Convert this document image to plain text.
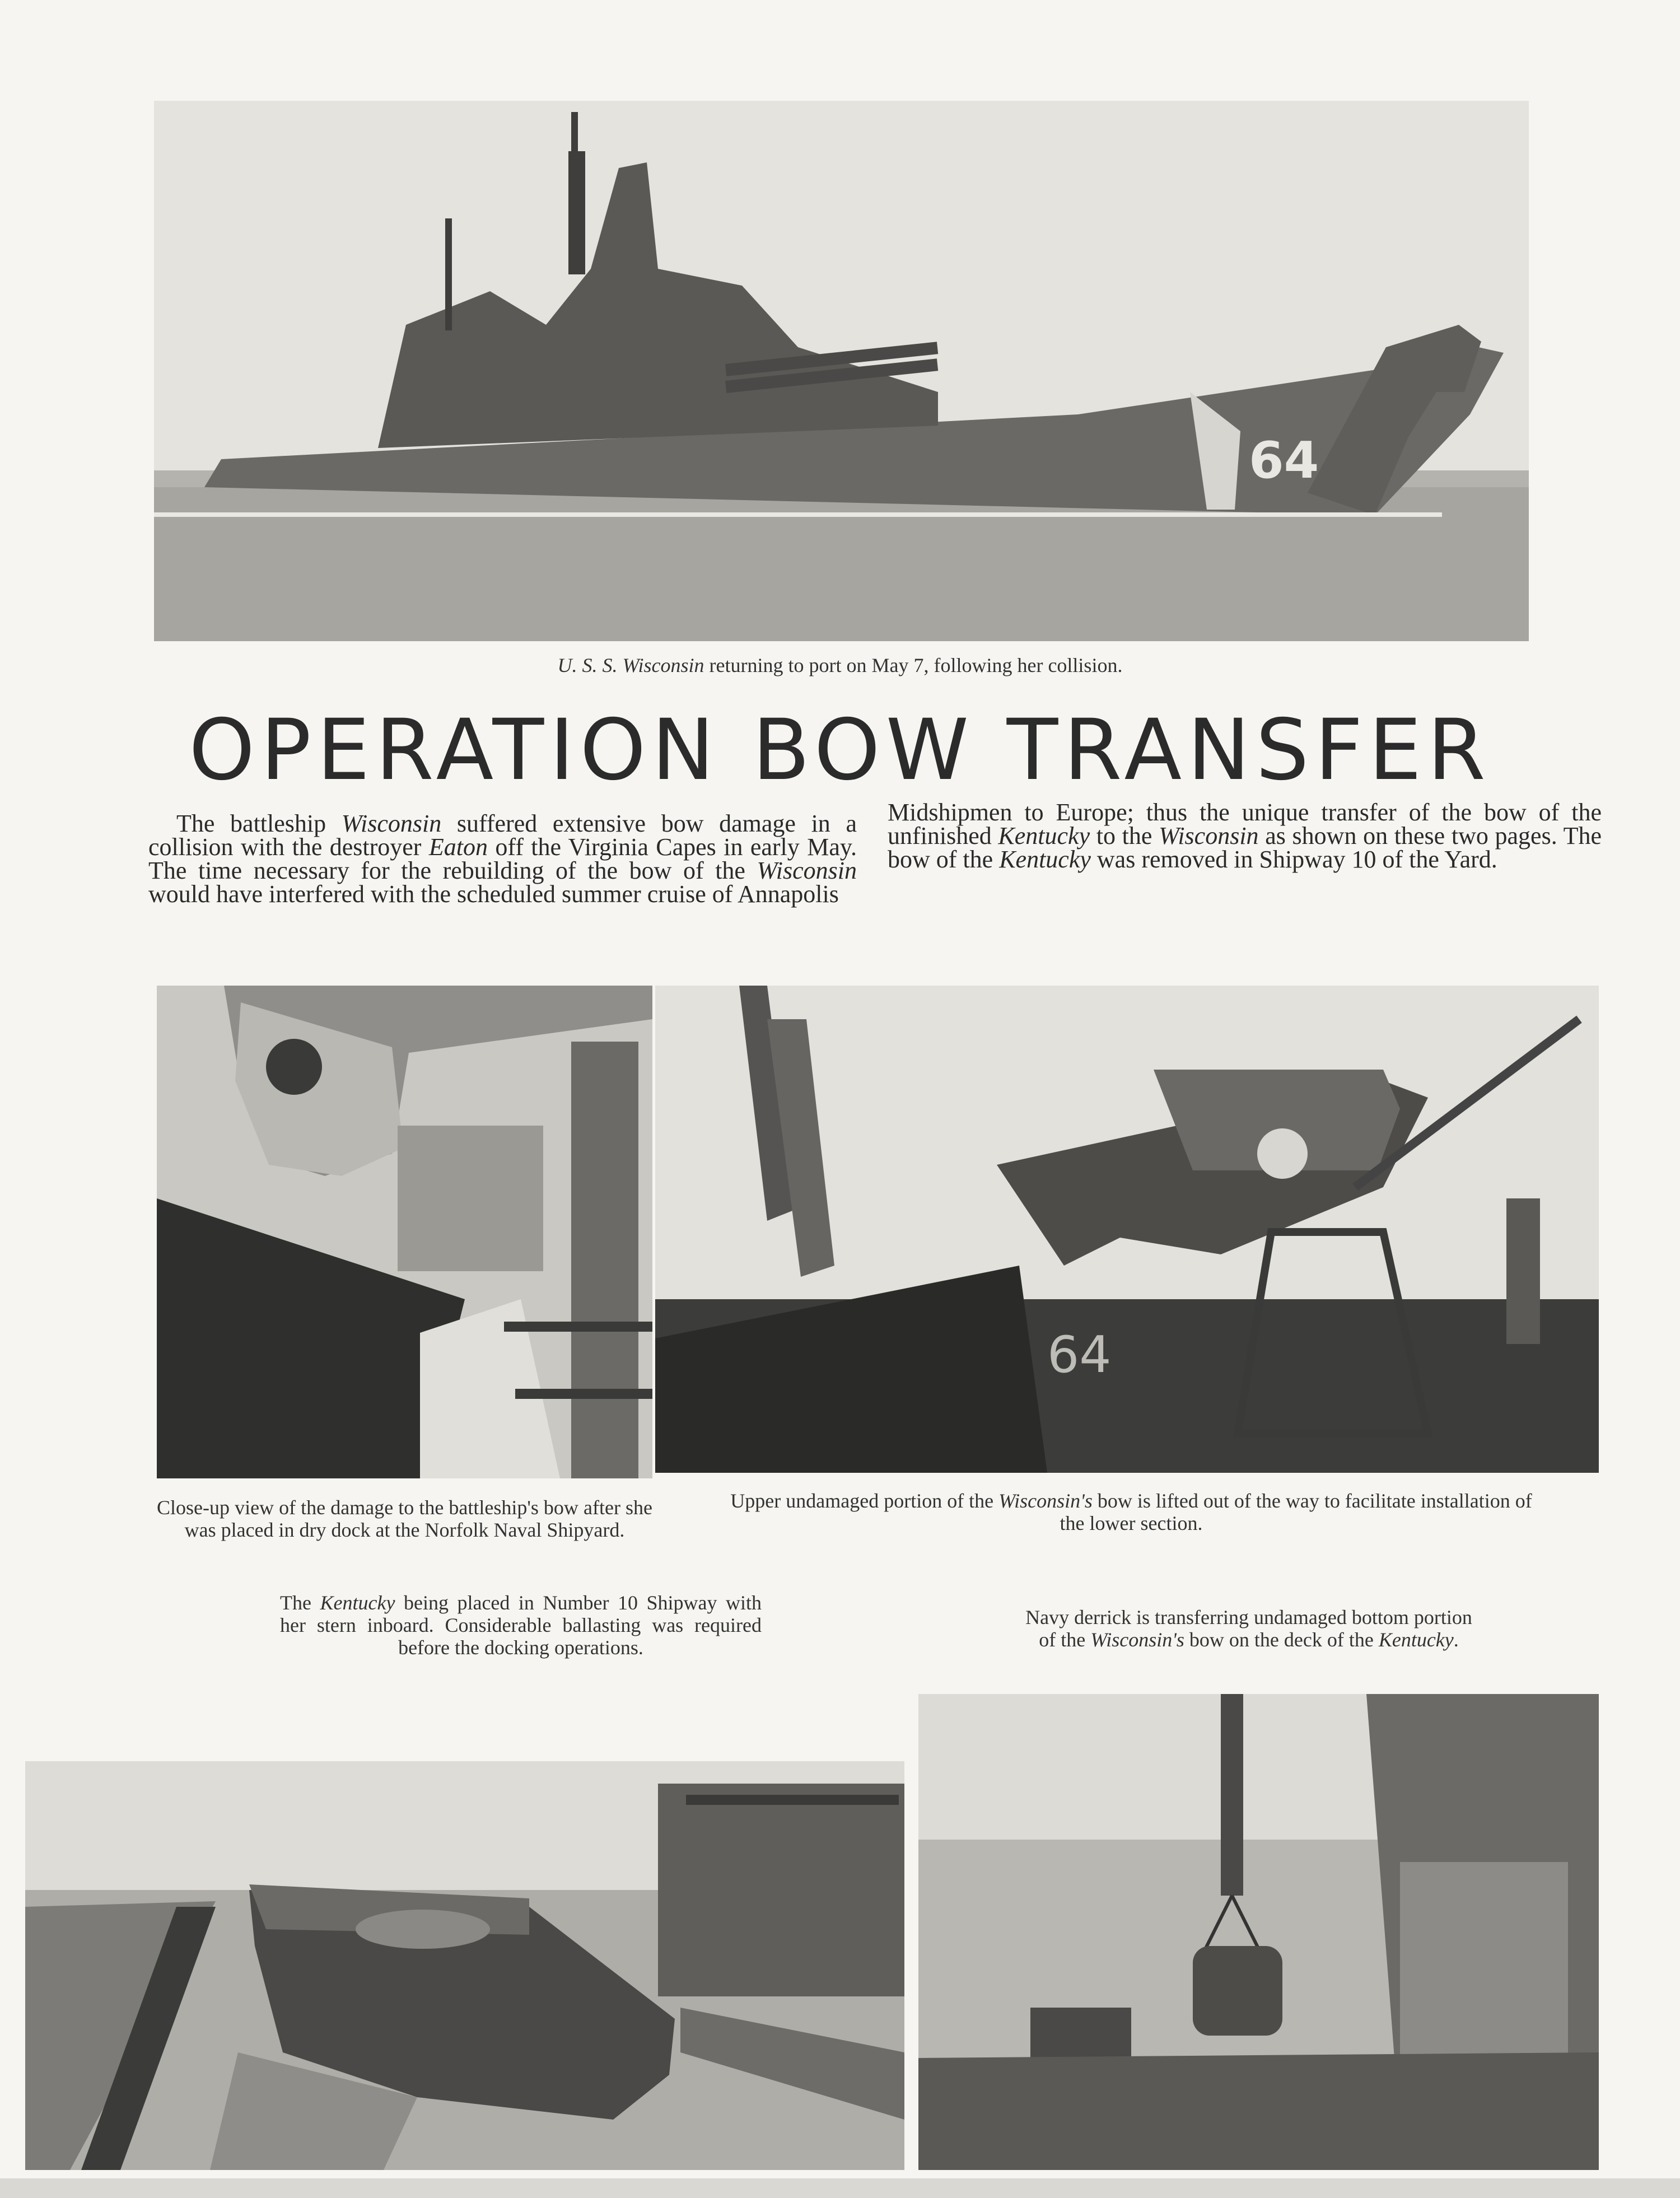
64
U. S. S. Wisconsin returning to port on May 7, following her collision.
OPERATION BOW TRANSFER
The battleship Wisconsin suffered extensive bow damage in a collision with the destroyer Eaton off the Virginia Capes in early May. The time necessary for the rebuilding of the bow of the Wisconsin would have interfered with the scheduled summer cruise of Annapolis
Midshipmen to Europe; thus the unique transfer of the bow of the unfinished Kentucky to the Wisconsin as shown on these two pages. The bow of the Kentucky was removed in Shipway 10 of the Yard.
64
Close-up view of the damage to the battleship's bow after she was placed in dry dock at the Norfolk Naval Shipyard.
Upper undamaged portion of the Wisconsin's bow is lifted out of the way to facilitate installation of the lower section.
The Kentucky being placed in Number 10 Shipway with her stern inboard. Considerable ballasting was required before the docking operations.
Navy derrick is transferring undamaged bottom portion of the Wisconsin's bow on the deck of the Kentucky.
